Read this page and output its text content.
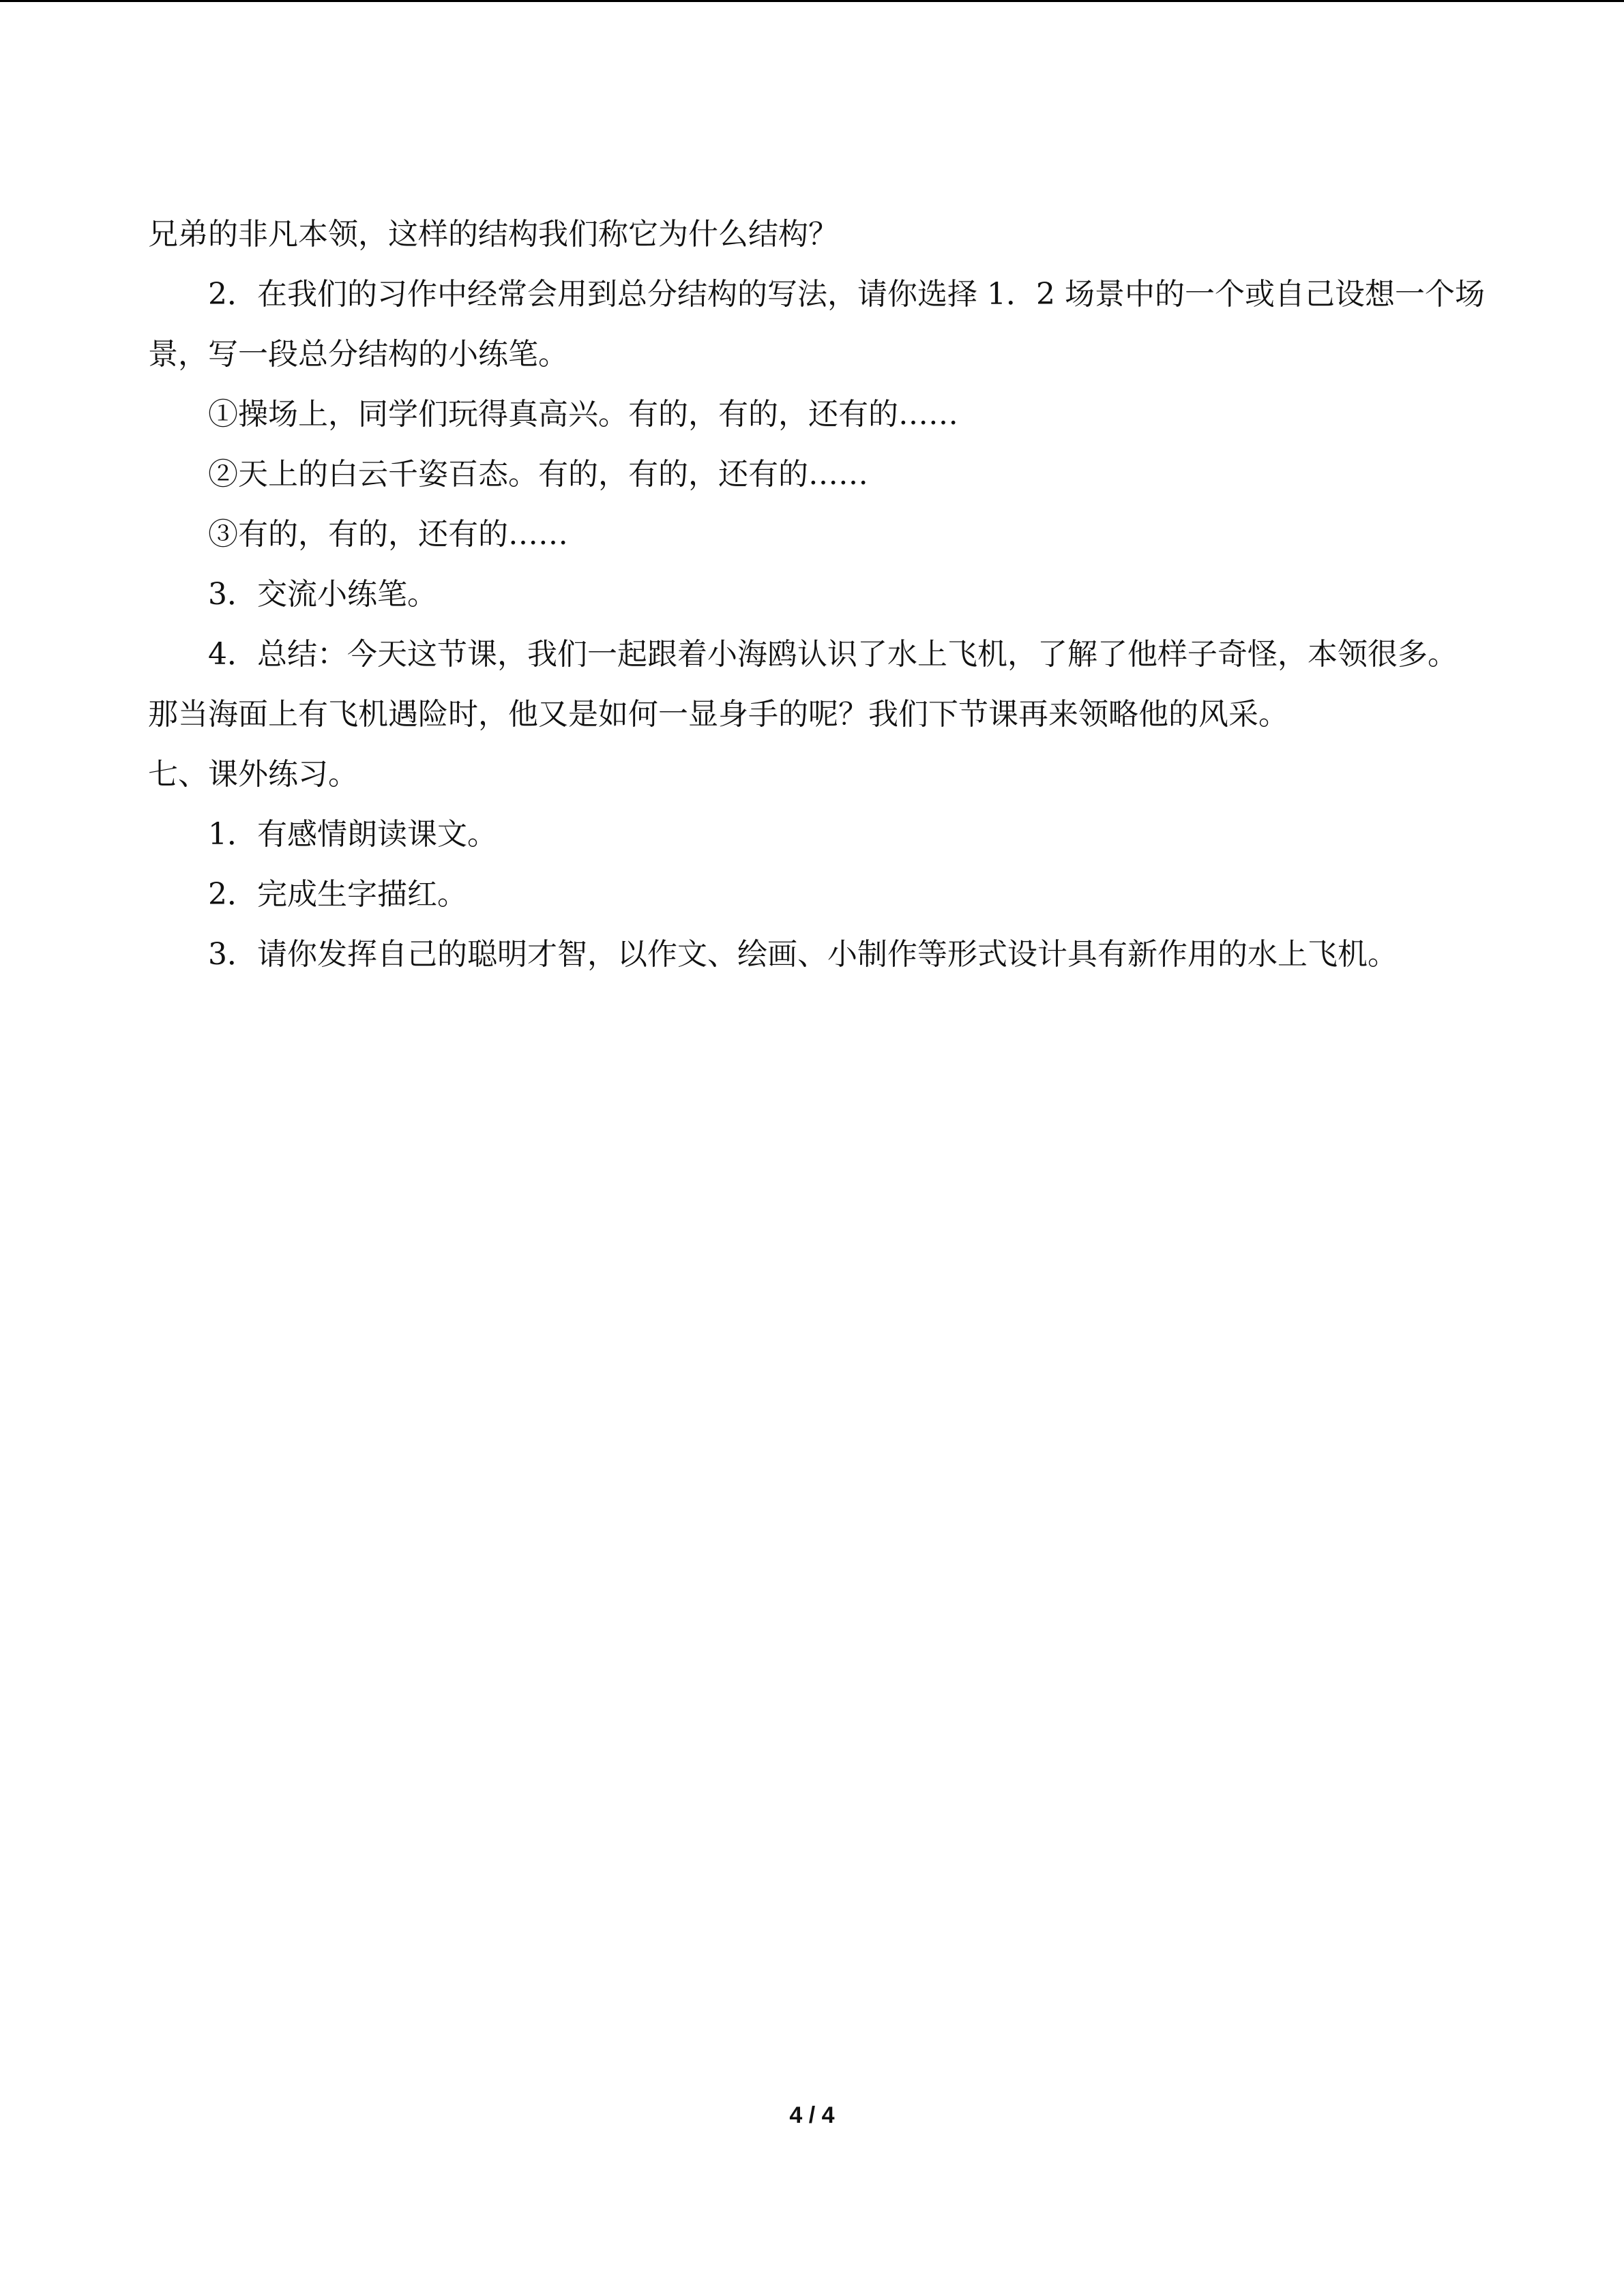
兄弟的非凡本领，这样的结构我们称它为什么结构？

2．在我们的习作中经常会用到总分结构的写法，请你选择 1．2 场景中的一个或自己设想一个场景，写一段总分结构的小练笔。

①操场上，同学们玩得真高兴。有的，有的，还有的……

②天上的白云千姿百态。有的，有的，还有的……

③有的，有的，还有的……

3．交流小练笔。

4．总结：今天这节课，我们一起跟着小海鸥认识了水上飞机，了解了他样子奇怪，本领很多。那当海面上有飞机遇险时，他又是如何一显身手的呢？我们下节课再来领略他的风采。

七、课外练习。

1．有感情朗读课文。

2．完成生字描红。

3．请你发挥自己的聪明才智，以作文、绘画、小制作等形式设计具有新作用的水上飞机。

4 / 4
